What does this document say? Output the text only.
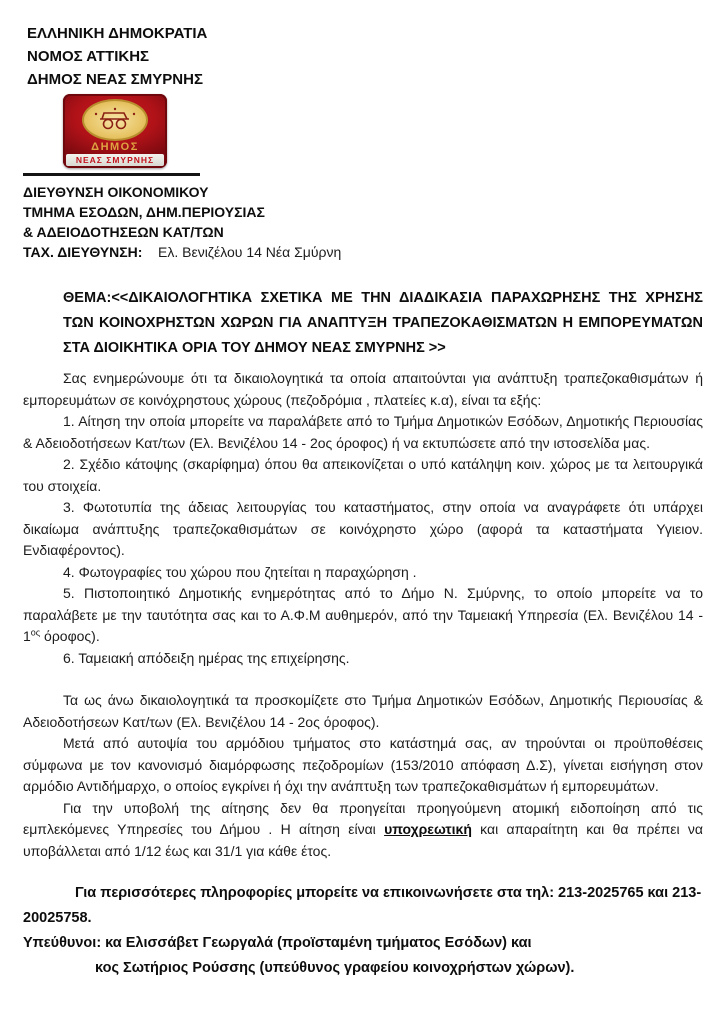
ΕΛΛΗΝΙΚΗ ΔΗΜΟΚΡΑΤΙΑ
ΝΟΜΟΣ ΑΤΤΙΚΗΣ
ΔΗΜΟΣ ΝΕΑΣ ΣΜΥΡΝΗΣ
ΔΗΜΟΣ
ΝΕΑΣ ΣΜΥΡΝΗΣ
ΔΙΕΥΘΥΝΣΗ ΟΙΚΟΝΟΜΙΚΟΥ
ΤΜΗΜΑ ΕΣΟΔΩΝ, ΔΗΜ.ΠΕΡΙΟΥΣΙΑΣ
& ΑΔΕΙΟΔΟΤΗΣΕΩΝ ΚΑΤ/ΤΩΝ
ΤΑΧ. ΔΙΕΥΘΥΝΣΗ: Ελ. Βενιζέλου 14 Νέα Σμύρνη
ΘΕΜΑ:<<ΔΙΚΑΙΟΛΟΓΗΤΙΚΑ ΣΧΕΤΙΚΑ ΜΕ ΤΗΝ ΔΙΑΔΙΚΑΣΙΑ ΠΑΡΑΧΩΡΗΣΗΣ ΤΗΣ ΧΡΗΣΗΣ ΤΩΝ ΚΟΙΝΟΧΡΗΣΤΩΝ ΧΩΡΩΝ ΓΙΑ ΑΝΑΠΤΥΞΗ ΤΡΑΠΕΖΟΚΑΘΙΣΜΑΤΩΝ Η ΕΜΠΟΡΕΥΜΑΤΩΝ ΣΤΑ ΔΙΟΙΚΗΤΙΚΑ ΟΡΙΑ ΤΟΥ ΔΗΜΟΥ ΝΕΑΣ ΣΜΥΡΝΗΣ >>

Σας ενημερώνουμε ότι τα δικαιολογητικά τα οποία απαιτούνται για ανάπτυξη τραπεζοκαθισμάτων ή εμπορευμάτων σε κοινόχρηστους χώρους (πεζοδρόμια , πλατείες κ.α), είναι τα εξής:

1. Αίτηση την οποία μπορείτε να παραλάβετε από το Τμήμα Δημοτικών Εσόδων, Δημοτικής Περιουσίας & Αδειοδοτήσεων Κατ/των (Ελ. Βενιζέλου 14 - 2ος όροφος) ή να εκτυπώσετε από την ιστοσελίδα μας.

2. Σχέδιο κάτοψης (σκαρίφημα) όπου θα απεικονίζεται ο υπό κατάληψη κοιν. χώρος με τα λειτουργικά του στοιχεία.

3. Φωτοτυπία της άδειας λειτουργίας του καταστήματος, στην οποία να αναγράφετε ότι υπάρχει δικαίωμα ανάπτυξης τραπεζοκαθισμάτων σε κοινόχρηστο χώρο (αφορά τα καταστήματα Υγιειον. Ενδιαφέροντος).

4. Φωτογραφίες του χώρου που ζητείται η παραχώρηση .

5. Πιστοποιητικό Δημοτικής ενημερότητας από το Δήμο Ν. Σμύρνης, το οποίο μπορείτε να το παραλάβετε με την ταυτότητα σας και το Α.Φ.Μ αυθημερόν, από την Ταμειακή Υπηρεσία (Ελ. Βενιζέλου $14 - 1^{o\varsigma}$ όροφος).

6. Ταμειακή απόδειξη ημέρας της επιχείρησης.

Τα ως άνω δικαιολογητικά τα προσκομίζετε στο Τμήμα Δημοτικών Εσόδων, Δημοτικής Περιουσίας & Αδειοδοτήσεων Κατ/των (Ελ. Βενιζέλου 14 - 2ος όροφος).

Μετά από αυτοψία του αρμόδιου τμήματος στο κατάστημά σας, αν τηρούνται οι προϋποθέσεις σύμφωνα με τον κανονισμό διαμόρφωσης πεζοδρομίων (153/2010 απόφαση Δ.Σ), γίνεται εισήγηση στον αρμόδιο Αντιδήμαρχο, ο οποίος εγκρίνει ή όχι την ανάπτυξη των τραπεζοκαθισμάτων ή εμπορευμάτων.

Για την υποβολή της αίτησης δεν θα προηγείται προηγούμενη ατομική ειδοποίηση από τις εμπλεκόμενες Υπηρεσίες του Δήμου . Η αίτηση είναι υποχρεωτική και απαραίτητη και θα πρέπει να υποβάλλεται από 1/12 έως και 31/1 για κάθε έτος.

Για περισσότερες πληροφορίες μπορείτε να επικοινωνήσετε στα τηλ: 213-2025765 και 213-20025758.

Υπεύθυνοι: κα Ελισσάβετ Γεωργαλά (προϊσταμένη τμήματος Εσόδων) και

κος Σωτήριος Ρούσσης (υπεύθυνος γραφείου κοινοχρήστων χώρων).
